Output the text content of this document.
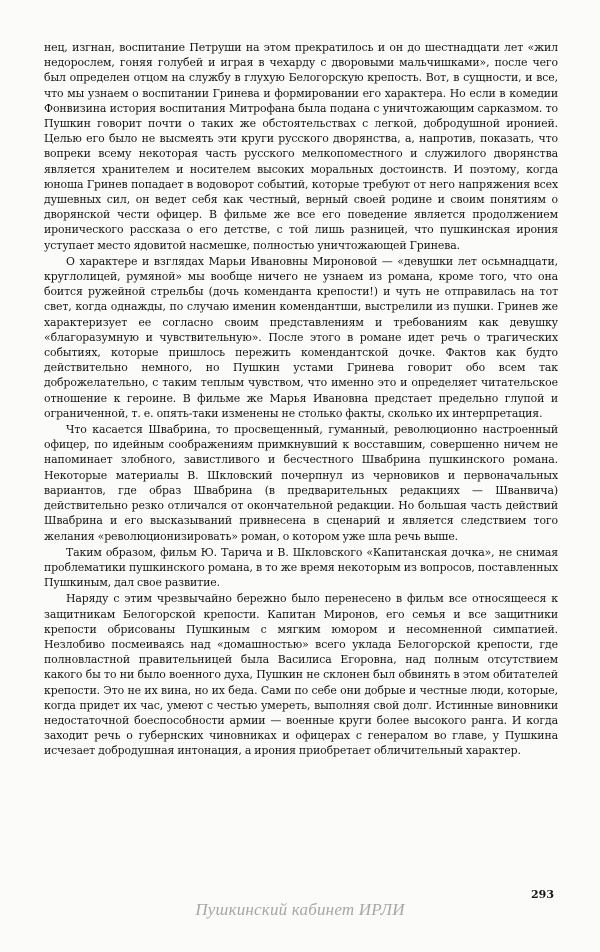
нец, изгнан, воспитание Петруши на этом прекратилось и он до шестнадцати лет «жил недорослем, гоняя голубей и играя в чехарду с дворовыми мальчишками», после чего был определен отцом на службу в глухую Белогорскую крепость. Вот, в сущности, и все, что мы узнаем о воспитании Гринева и формировании его характера. Но если в комедии Фонвизина история воспитания Митрофана была подана с уничтожающим сарказмом. то Пушкин говорит почти о таких же обстоятельствах с легкой, добродушной иронией. Целью его было не высмеять эти круги русского дворянства, а, напротив, показать, что вопреки всему некоторая часть русского мелкопоместного и служилого дворянства является хранителем и носителем высоких моральных достоинств. И поэтому, когда юноша Гринев попадает в водоворот событий, которые требуют от него напряжения всех душевных сил, он ведет себя как честный, верный своей родине и своим понятиям о дворянской чести офицер. В фильме же все его поведение является продолжением иронического рассказа о его детстве, с той лишь разницей, что пушкинская ирония уступает место ядовитой насмешке, полностью уничтожающей Гринева.

О характере и взглядах Марьи Ивановны Мироновой — «девушки лет осьмнадцати, круглолицей, румяной» мы вообще ничего не узнаем из романа, кроме того, что она боится ружейной стрельбы (дочь коменданта крепости!) и чуть не отправилась на тот свет, когда однажды, по случаю именин комендантши, выстрелили из пушки. Гринев же характеризует ее согласно своим представлениям и требованиям как девушку «благоразумную и чувствительную». После этого в романе идет речь о трагических событиях, которые пришлось пережить комендантской дочке. Фактов как будто действительно немного, но Пушкин устами Гринева говорит обо всем так доброжелательно, с таким теплым чувством, что именно это и определяет читательское отношение к героине. В фильме же Марья Ивановна предстает предельно глупой и ограниченной, т. е. опять-таки изменены не столько факты, сколько их интерпретация.

Что касается Швабрина, то просвещенный, гуманный, революционно настроенный офицер, по идейным соображениям примкнувший к восставшим, совершенно ничем не напоминает злобного, завистливого и бесчестного Швабрина пушкинского романа. Некоторые материалы В. Шкловский почерпнул из черновиков и первоначальных вариантов, где образ Швабрина (в предварительных редакциях — Шванвича) действительно резко отличался от окончательной редакции. Но большая часть действий Швабрина и его высказываний привнесена в сценарий и является следствием того желания «революционизировать» роман, о котором уже шла речь выше.

Таким образом, фильм Ю. Тарича и В. Шкловского «Капитанская дочка», не снимая проблематики пушкинского романа, в то же время некоторым из вопросов, поставленных Пушкиным, дал свое развитие.

Наряду с этим чрезвычайно бережно было перенесено в фильм все относящееся к защитникам Белогорской крепости. Капитан Миронов, его семья и все защитники крепости обрисованы Пушкиным с мягким юмором и несомненной симпатией. Незлобиво посмеиваясь над «домашностью» всего уклада Белогорской крепости, где полновластной правительницей была Василиса Егоровна, над полным отсутствием какого бы то ни было военного духа, Пушкин не склонен был обвинять в этом обитателей крепости. Это не их вина, но их беда. Сами по себе они добрые и честные люди, которые, когда придет их час, умеют с честью умереть, выполняя свой долг. Истинные виновники недостаточной боеспособности армии — военные круги более высокого ранга. И когда заходит речь о губернских чиновниках и офицерах с генералом во главе, у Пушкина исчезает добродушная интонация, а ирония приобретает обличительный характер.

293
Пушкинский кабинет ИРЛИ
